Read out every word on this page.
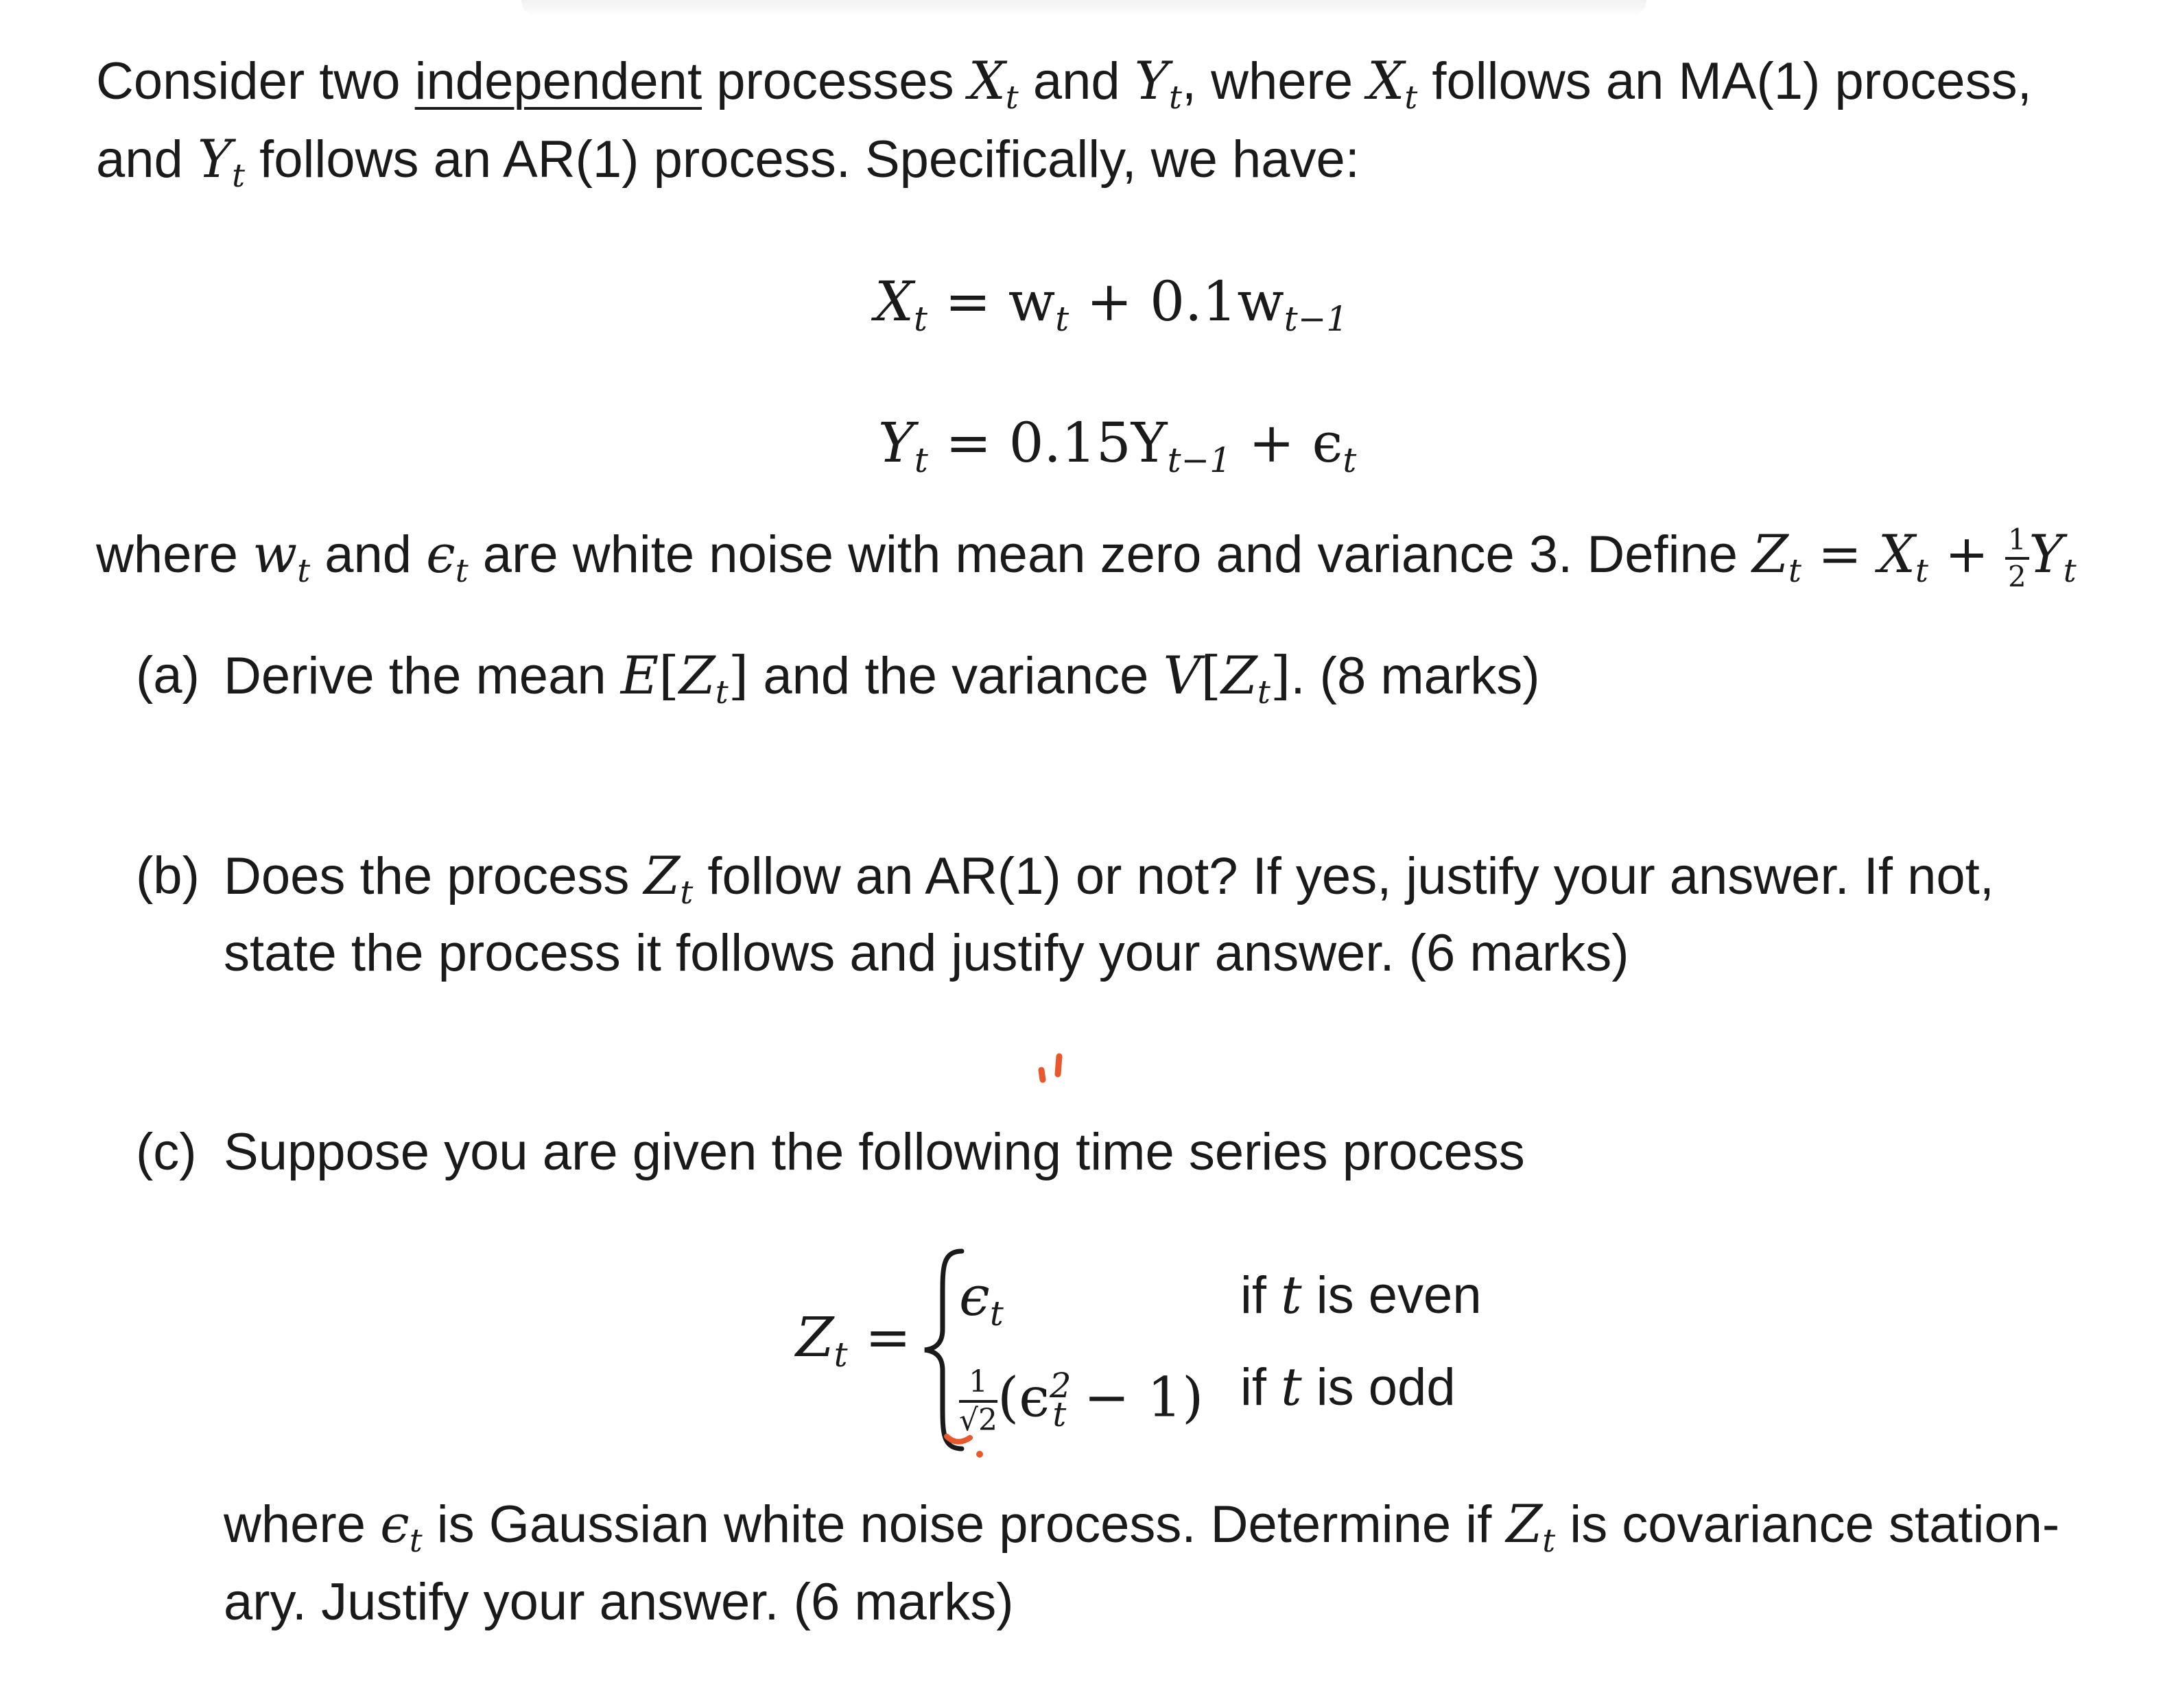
Consider two independent processes $X_t$ and $Y_t$, where $X_t$ follows an MA(1) process,
and $Y_t$ follows an AR(1) process. Specifically, we have:
$X_t = w_t + 0.1w_{t-1}$
$Y_t = 0.15Y_{t-1} + \epsilon_t$
where $w_t$ and $\epsilon_t$ are white noise with mean zero and variance 3. Define $Z_t = X_t + \frac{1}{2} Y_t$
(a) Derive the mean $E[Z_t]$ and the variance $V[Z_t]$. (8 marks)
(b) Does the process $Z_t$ follow an AR(1) or not? If yes, justify your answer. If not,
state the process it follows and justify your answer. (6 marks)
(c) Suppose you are given the following time series process
$Z_t$ =
$\epsilon_t$	if t is even
$\frac{1}{√2} (\epsilon^2_t - 1)$ if t is odd
where $\epsilon_t$ is Gaussian white noise process. Determine if $Z_t$ is covariance station-
ary. Justify your answer. (6 marks)
